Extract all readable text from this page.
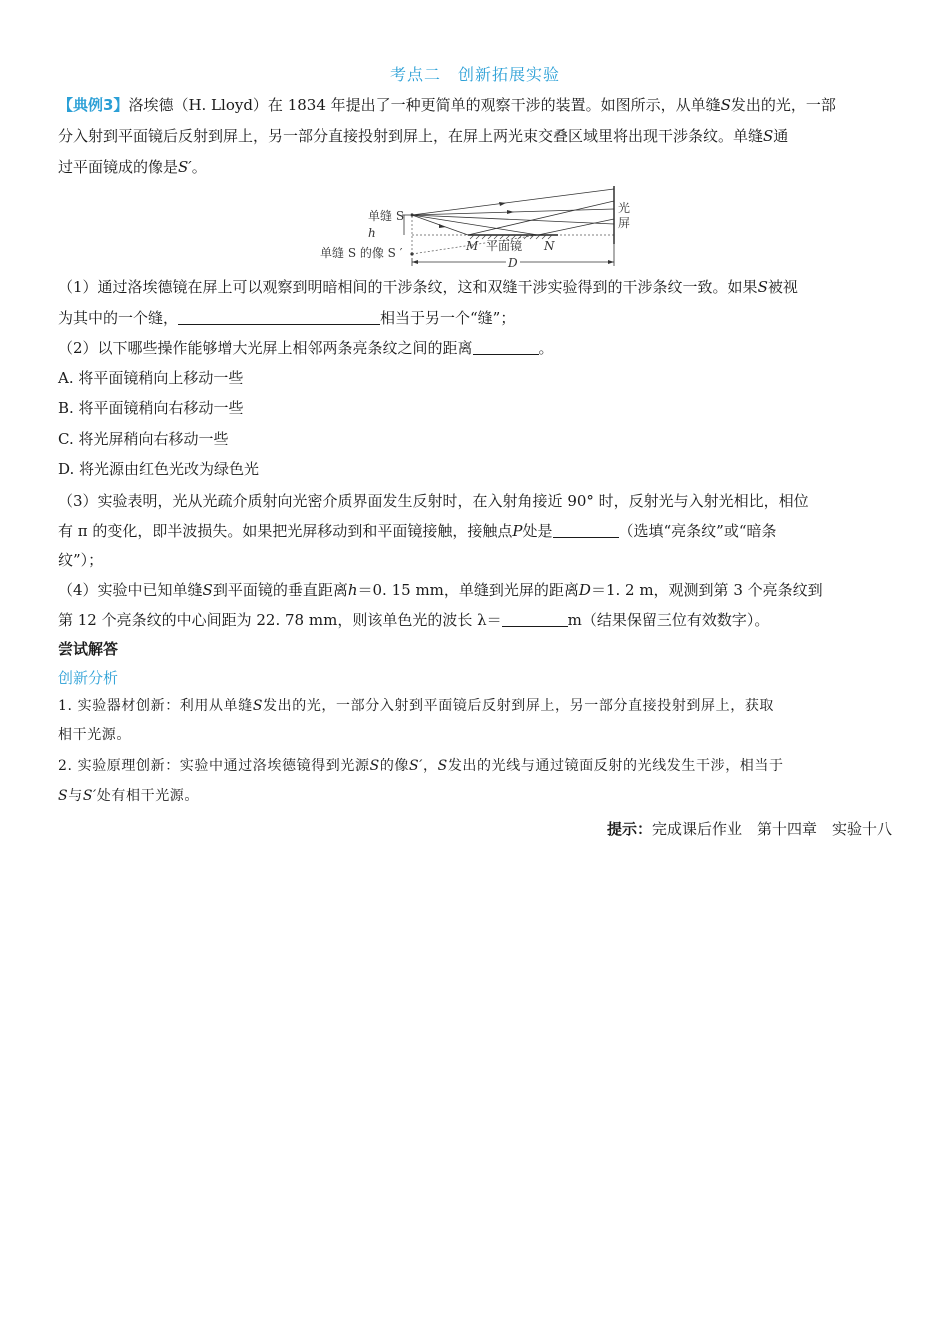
考点二　创新拓展实验
【典例3】洛埃德（H. Lloyd）在 1834 年提出了一种更简单的观察干涉的装置。如图所示，从单缝S发出的光，一部
分入射到平面镜后反射到屏上，另一部分直接投射到屏上，在屏上两光束交叠区域里将出现干涉条纹。单缝S通
过平面镜成的像是S′。
单缝 S
h
单缝 S 的像 S ′
光
屏
M 平面镜 N
D
（1）通过洛埃德镜在屏上可以观察到明暗相间的干涉条纹，这和双缝干涉实验得到的干涉条纹一致。如果S被视
为其中的一个缝，	相当于另一个“缝”；
（2）以下哪些操作能够增大光屏上相邻两条亮条纹之间的距离	。
A. 将平面镜稍向上移动一些
B. 将平面镜稍向右移动一些
C. 将光屏稍向右移动一些
D. 将光源由红色光改为绿色光
（3）实验表明，光从光疏介质射向光密介质界面发生反射时，在入射角接近 90° 时，反射光与入射光相比，相位
有 π 的变化，即半波损失。如果把光屏移动到和平面镜接触，接触点P处是	（选填“亮条纹”或“暗条
纹”）；
（4）实验中已知单缝S到平面镜的垂直距离h＝0. 15 mm，单缝到光屏的距离D＝1. 2 m，观测到第 3 个亮条纹到
第 12 个亮条纹的中心间距为 22. 78 mm，则该单色光的波长 λ＝	m（结果保留三位有效数字）。
尝试解答
创新分析
1. 实验器材创新：利用从单缝S发出的光，一部分入射到平面镜后反射到屏上，另一部分直接投射到屏上，获取
相干光源。
2. 实验原理创新：实验中通过洛埃德镜得到光源S的像S′，S发出的光线与通过镜面反射的光线发生干涉，相当于
S与S′处有相干光源。
提示：完成课后作业　第十四章　实验十八
